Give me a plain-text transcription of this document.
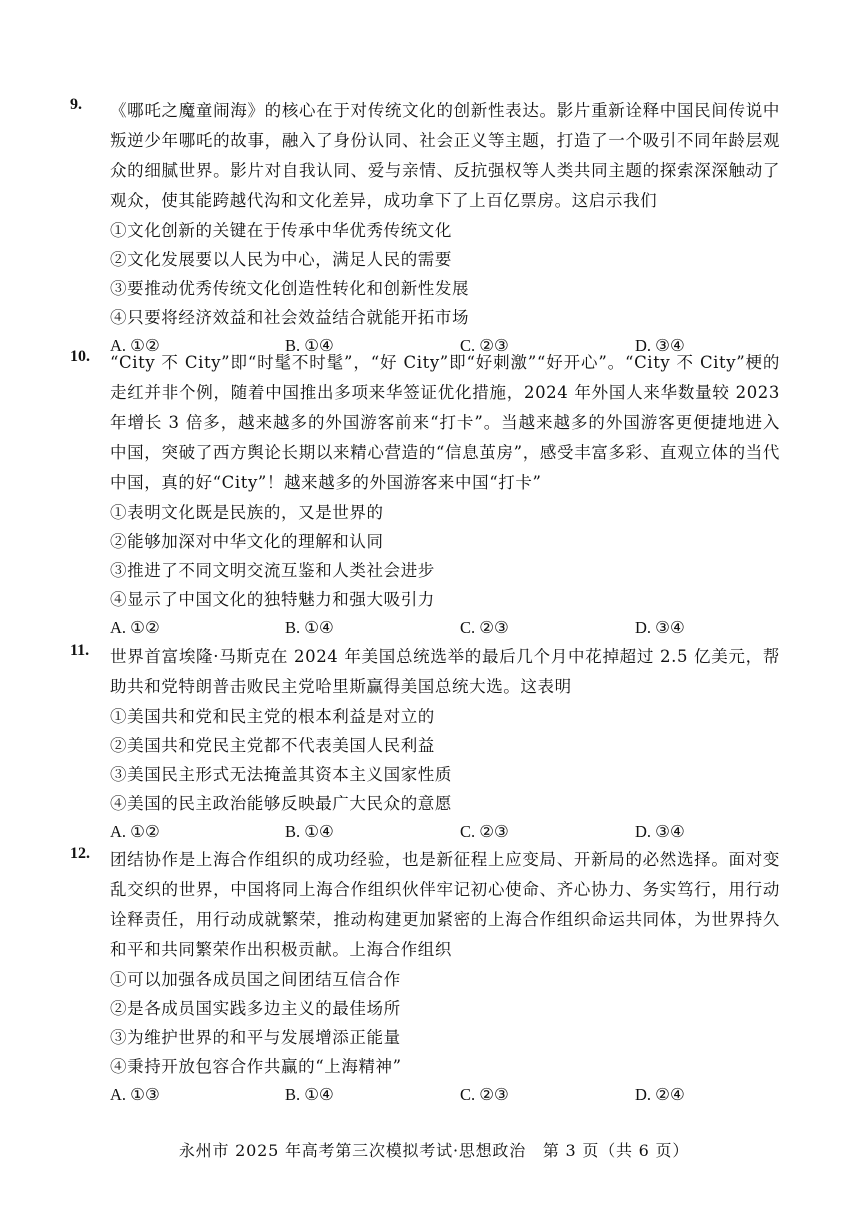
9. 《哪吒之魔童闹海》的核心在于对传统文化的创新性表达。影片重新诠释中国民间传说中叛逆少年哪吒的故事，融入了身份认同、社会正义等主题，打造了一个吸引不同年龄层观众的细腻世界。影片对自我认同、爱与亲情、反抗强权等人类共同主题的探索深深触动了观众，使其能跨越代沟和文化差异，成功拿下了上百亿票房。这启示我们
①文化创新的关键在于传承中华优秀传统文化
②文化发展要以人民为中心，满足人民的需要
③要推动优秀传统文化创造性转化和创新性发展
④只要将经济效益和社会效益结合就能开拓市场
A. ①②	B. ①④	C. ②③	D. ③④
10. “City 不 City”即“时髦不时髦”，“好 City”即“好刺激”“好开心”。“City 不 City”梗的走红并非个例，随着中国推出多项来华签证优化措施，2024 年外国人来华数量较 2023 年增长 3 倍多，越来越多的外国游客前来“打卡”。当越来越多的外国游客更便捷地进入中国，突破了西方舆论长期以来精心营造的“信息茧房”，感受丰富多彩、直观立体的当代中国，真的好“City”！越来越多的外国游客来中国“打卡”
①表明文化既是民族的，又是世界的
②能够加深对中华文化的理解和认同
③推进了不同文明交流互鉴和人类社会进步
④显示了中国文化的独特魅力和强大吸引力
A. ①②	B. ①④	C. ②③	D. ③④
11. 世界首富埃隆·马斯克在 2024 年美国总统选举的最后几个月中花掉超过 2.5 亿美元，帮助共和党特朗普击败民主党哈里斯赢得美国总统大选。这表明
①美国共和党和民主党的根本利益是对立的
②美国共和党民主党都不代表美国人民利益
③美国民主形式无法掩盖其资本主义国家性质
④美国的民主政治能够反映最广大民众的意愿
A. ①②	B. ①④	C. ②③	D. ③④
12. 团结协作是上海合作组织的成功经验，也是新征程上应变局、开新局的必然选择。面对变乱交织的世界，中国将同上海合作组织伙伴牢记初心使命、齐心协力、务实笃行，用行动诠释责任，用行动成就繁荣，推动构建更加紧密的上海合作组织命运共同体，为世界持久和平和共同繁荣作出积极贡献。上海合作组织
①可以加强各成员国之间团结互信合作
②是各成员国实践多边主义的最佳场所
③为维护世界的和平与发展增添正能量
④秉持开放包容合作共赢的“上海精神”
A. ①③	B. ①④	C. ②③	D. ②④
永州市 2025 年高考第三次模拟考试·思想政治　第 3 页（共 6 页）
